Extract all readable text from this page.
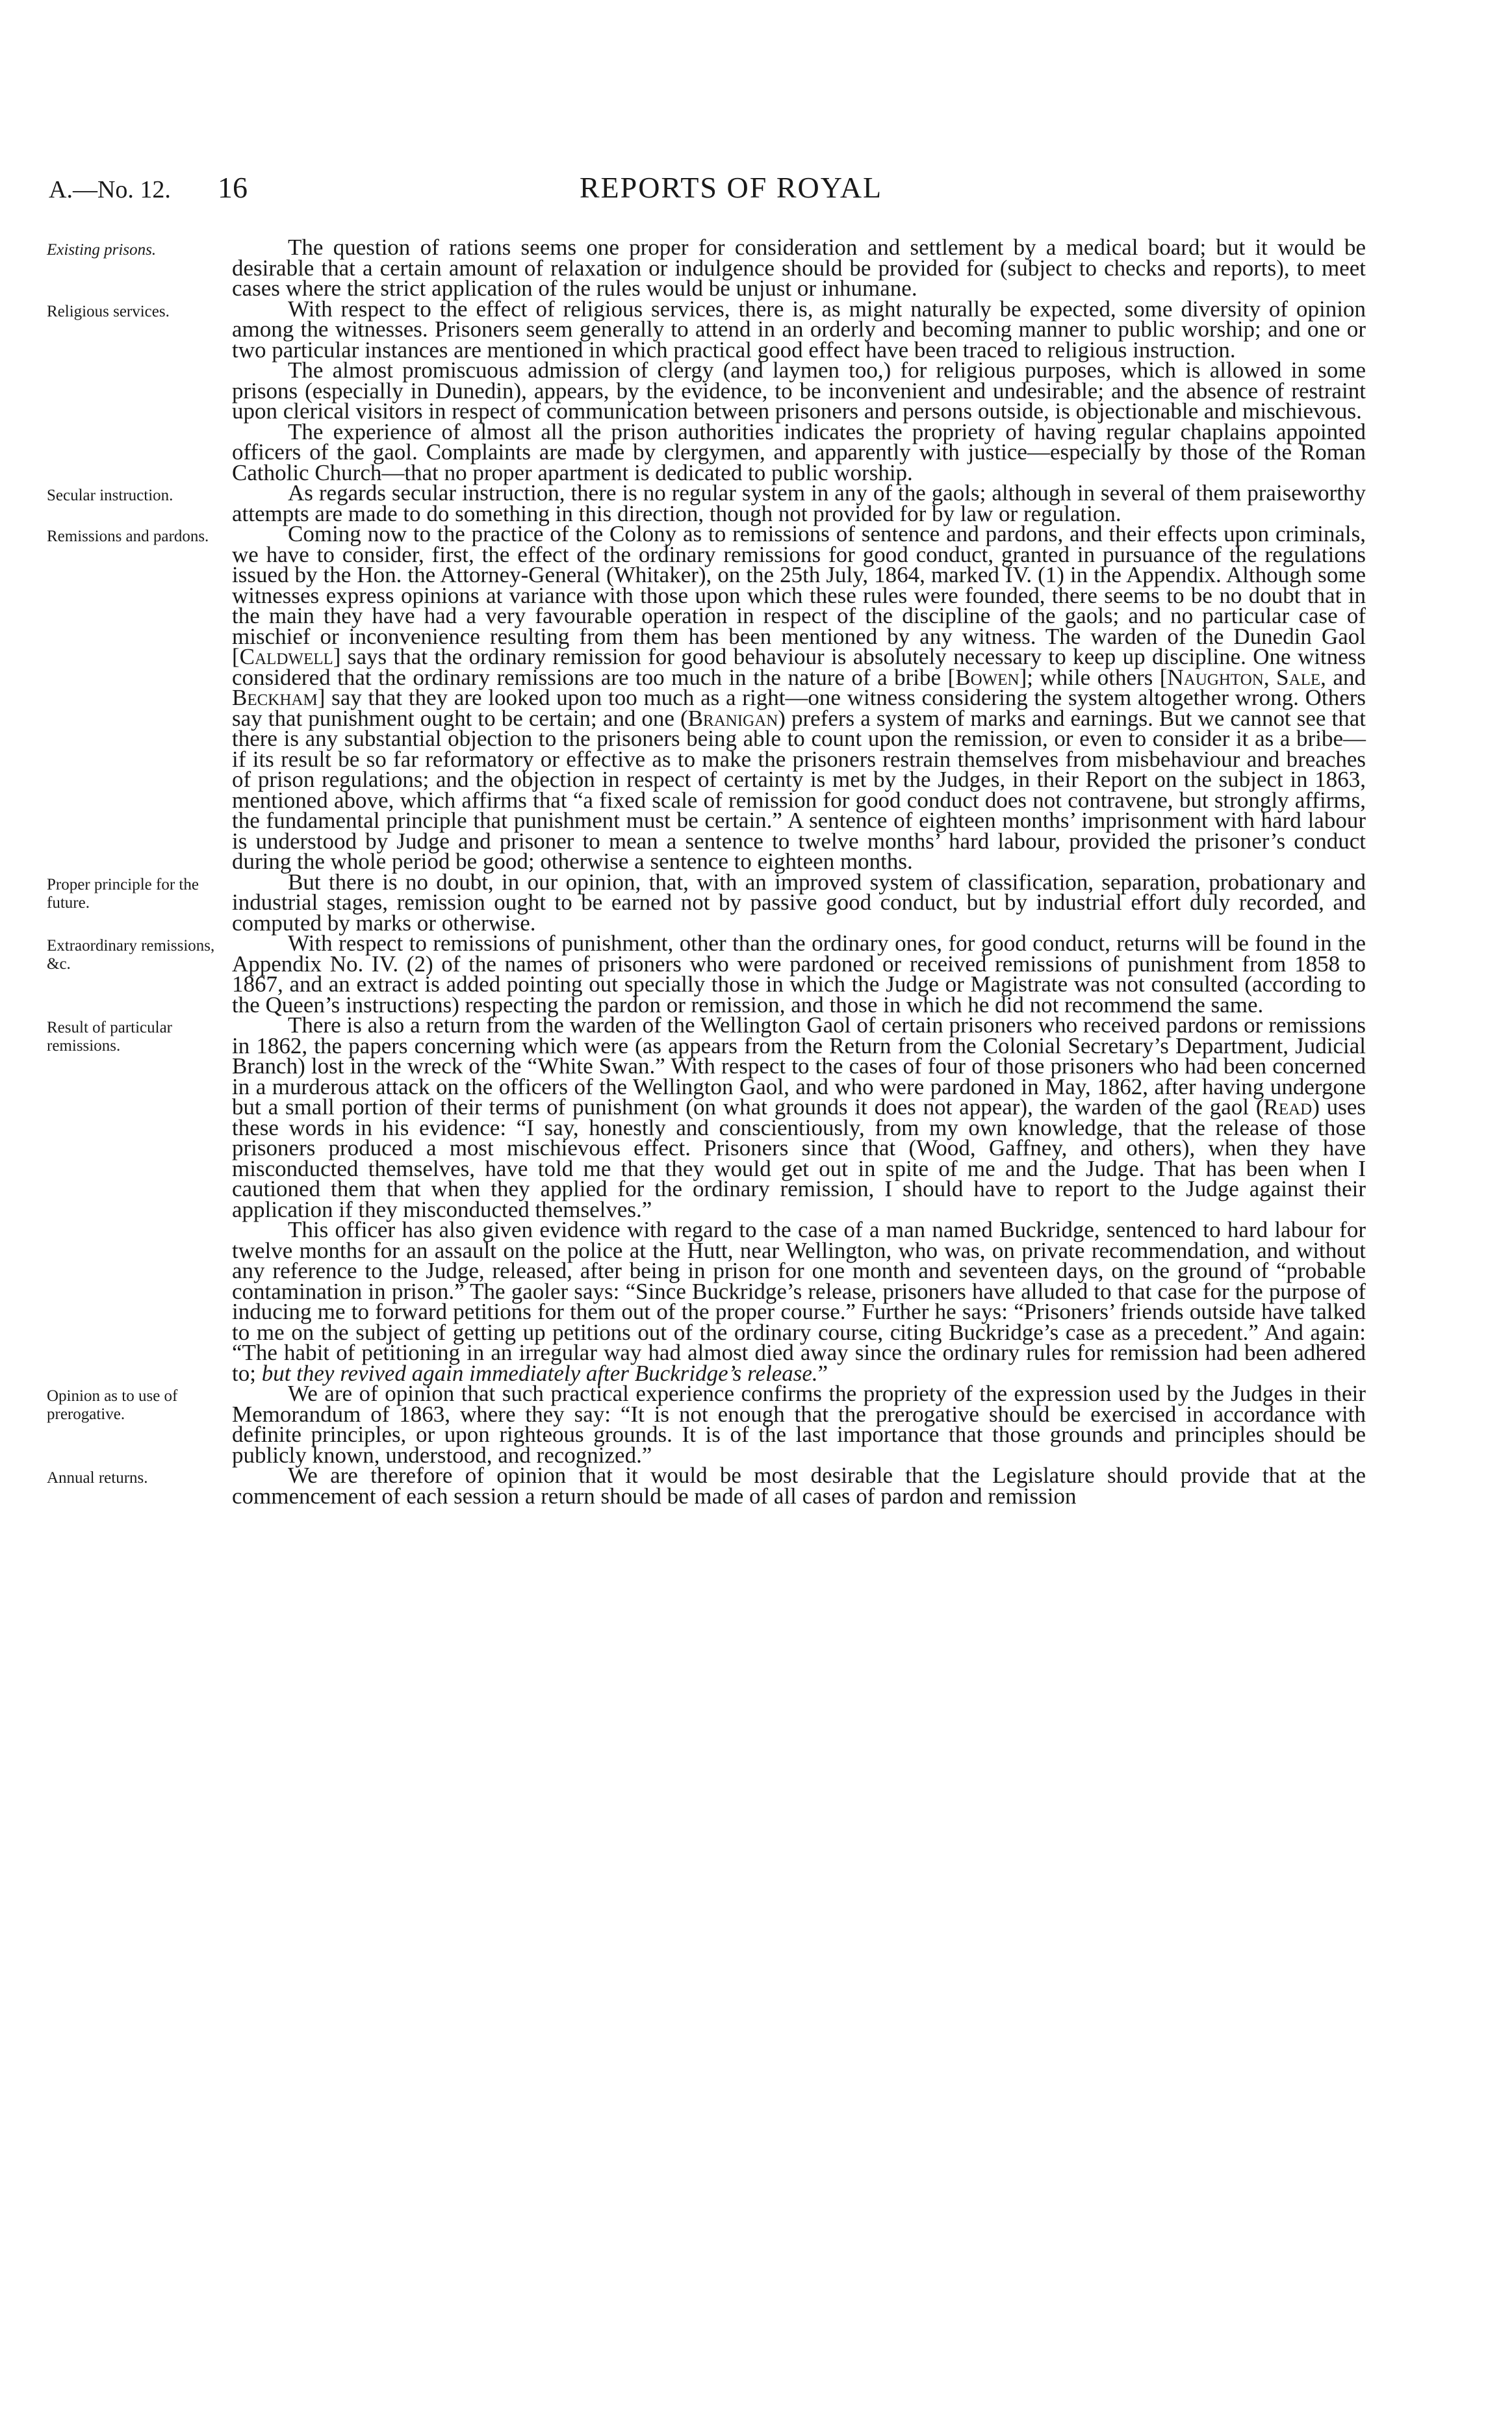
REPORTS OF ROYAL
A.—No. 12. 16
Existing prisons.	The question of rations seems one proper for consideration and settlement by a medical board; but it would be desirable that a certain amount of relaxation or indulgence should be provided for (subject to checks and reports), to meet cases where the strict application of the rules would be unjust or inhumane.

Religious services.	With respect to the effect of religious services, there is, as might naturally be expected, some diversity of opinion among the witnesses. Prisoners seem generally to attend in an orderly and becoming manner to public worship; and one or two particular instances are mentioned in which practical good effect have been traced to religious instruction.

The almost promiscuous admission of clergy (and laymen too,) for religious purposes, which is allowed in some prisons (especially in Dunedin), appears, by the evidence, to be inconvenient and undesirable; and the absence of restraint upon clerical visitors in respect of communication between prisoners and persons outside, is objectionable and mischievous.

The experience of almost all the prison authorities indicates the propriety of having regular chaplains appointed officers of the gaol. Complaints are made by clergymen, and apparently with justice—especially by those of the Roman Catholic Church—that no proper apartment is dedicated to public worship.

Secular instruction.	As regards secular instruction, there is no regular system in any of the gaols; although in several of them praiseworthy attempts are made to do something in this direction, though not provided for by law or regulation.

Remissions and pardons.	Coming now to the practice of the Colony as to remissions of sentence and pardons, and their effects upon criminals, we have to consider, first, the effect of the ordinary remissions for good conduct, granted in pursuance of the regulations issued by the Hon. the Attorney-General (Whitaker), on the 25th July, 1864, marked IV. (1) in the Appendix. Although some witnesses express opinions at variance with those upon which these rules were founded, there seems to be no doubt that in the main they have had a very favourable operation in respect of the discipline of the gaols; and no particular case of mischief or inconvenience resulting from them has been mentioned by any witness. The warden of the Dunedin Gaol [Caldwell] says that the ordinary remission for good behaviour is absolutely necessary to keep up discipline. One witness considered that the ordinary remissions are too much in the nature of a bribe [Bowen]; while others [Naughton, Sale, and Beckham] say that they are looked upon too much as a right—one witness considering the system altogether wrong. Others say that punishment ought to be certain; and one (Branigan) prefers a system of marks and earnings. But we cannot see that there is any substantial objection to the prisoners being able to count upon the remission, or even to consider it as a bribe—if its result be so far reformatory or effective as to make the prisoners restrain themselves from misbehaviour and breaches of prison regulations; and the objection in respect of certainty is met by the Judges, in their Report on the subject in 1863, mentioned above, which affirms that “a fixed scale of remission for good conduct does not contravene, but strongly affirms, the fundamental principle that punishment must be certain.” A sentence of eighteen months’ imprisonment with hard labour is understood by Judge and prisoner to mean a sentence to twelve months’ hard labour, provided the prisoner’s conduct during the whole period be good; otherwise a sentence to eighteen months.

Proper principle for the future.

But there is no doubt, in our opinion, that, with an improved system of classification, separation, probationary and industrial stages, remission ought to be earned not by passive good conduct, but by industrial effort duly recorded, and computed by marks or otherwise.

Extraordinary remissions, &c.

With respect to remissions of punishment, other than the ordinary ones, for good conduct, returns will be found in the Appendix No. IV. (2) of the names of prisoners who were pardoned or received remissions of punishment from 1858 to 1867, and an extract is added pointing out specially those in which the Judge or Magistrate was not consulted (according to the Queen’s instructions) respecting the pardon or remission, and those in which he did not recommend the same.

Result of particular remissions.

There is also a return from the warden of the Wellington Gaol of certain prisoners who received pardons or remissions in 1862, the papers concerning which were (as appears from the Return from the Colonial Secretary’s Department, Judicial Branch) lost in the wreck of the “White Swan.” With respect to the cases of four of those prisoners who had been concerned in a murderous attack on the officers of the Wellington Gaol, and who were pardoned in May, 1862, after having undergone but a small portion of their terms of punishment (on what grounds it does not appear), the warden of the gaol (Read) uses these words in his evidence: “I say, honestly and conscientiously, from my own knowledge, that the release of those prisoners produced a most mischievous effect. Prisoners since that (Wood, Gaffney, and others), when they have misconducted themselves, have told me that they would get out in spite of me and the Judge. That has been when I cautioned them that when they applied for the ordinary remission, I should have to report to the Judge against their application if they misconducted themselves.”

This officer has also given evidence with regard to the case of a man named Buckridge, sentenced to hard labour for twelve months for an assault on the police at the Hutt, near Wellington, who was, on private recommendation, and without any reference to the Judge, released, after being in prison for one month and seventeen days, on the ground of “probable contamination in prison.” The gaoler says: “Since Buckridge’s release, prisoners have alluded to that case for the purpose of inducing me to forward petitions for them out of the proper course.” Further he says: “Prisoners’ friends outside have talked to me on the subject of getting up petitions out of the ordinary course, citing Buckridge’s case as a precedent.” And again: “The habit of petitioning in an irregular way had almost died away since the ordinary rules for remission had been adhered to; but they revived again immediately after Buckridge’s release.”

Opinion as to use of prerogative.

We are of opinion that such practical experience confirms the propriety of the expression used by the Judges in their Memorandum of 1863, where they say: “It is not enough that the prerogative should be exercised in accordance with definite principles, or upon righteous grounds. It is of the last importance that those grounds and principles should be publicly known, understood, and recognized.”

Annual returns.	We are therefore of opinion that it would be most desirable that the Legislature should provide that at the commencement of each session a return should be made of all cases of pardon and remission
